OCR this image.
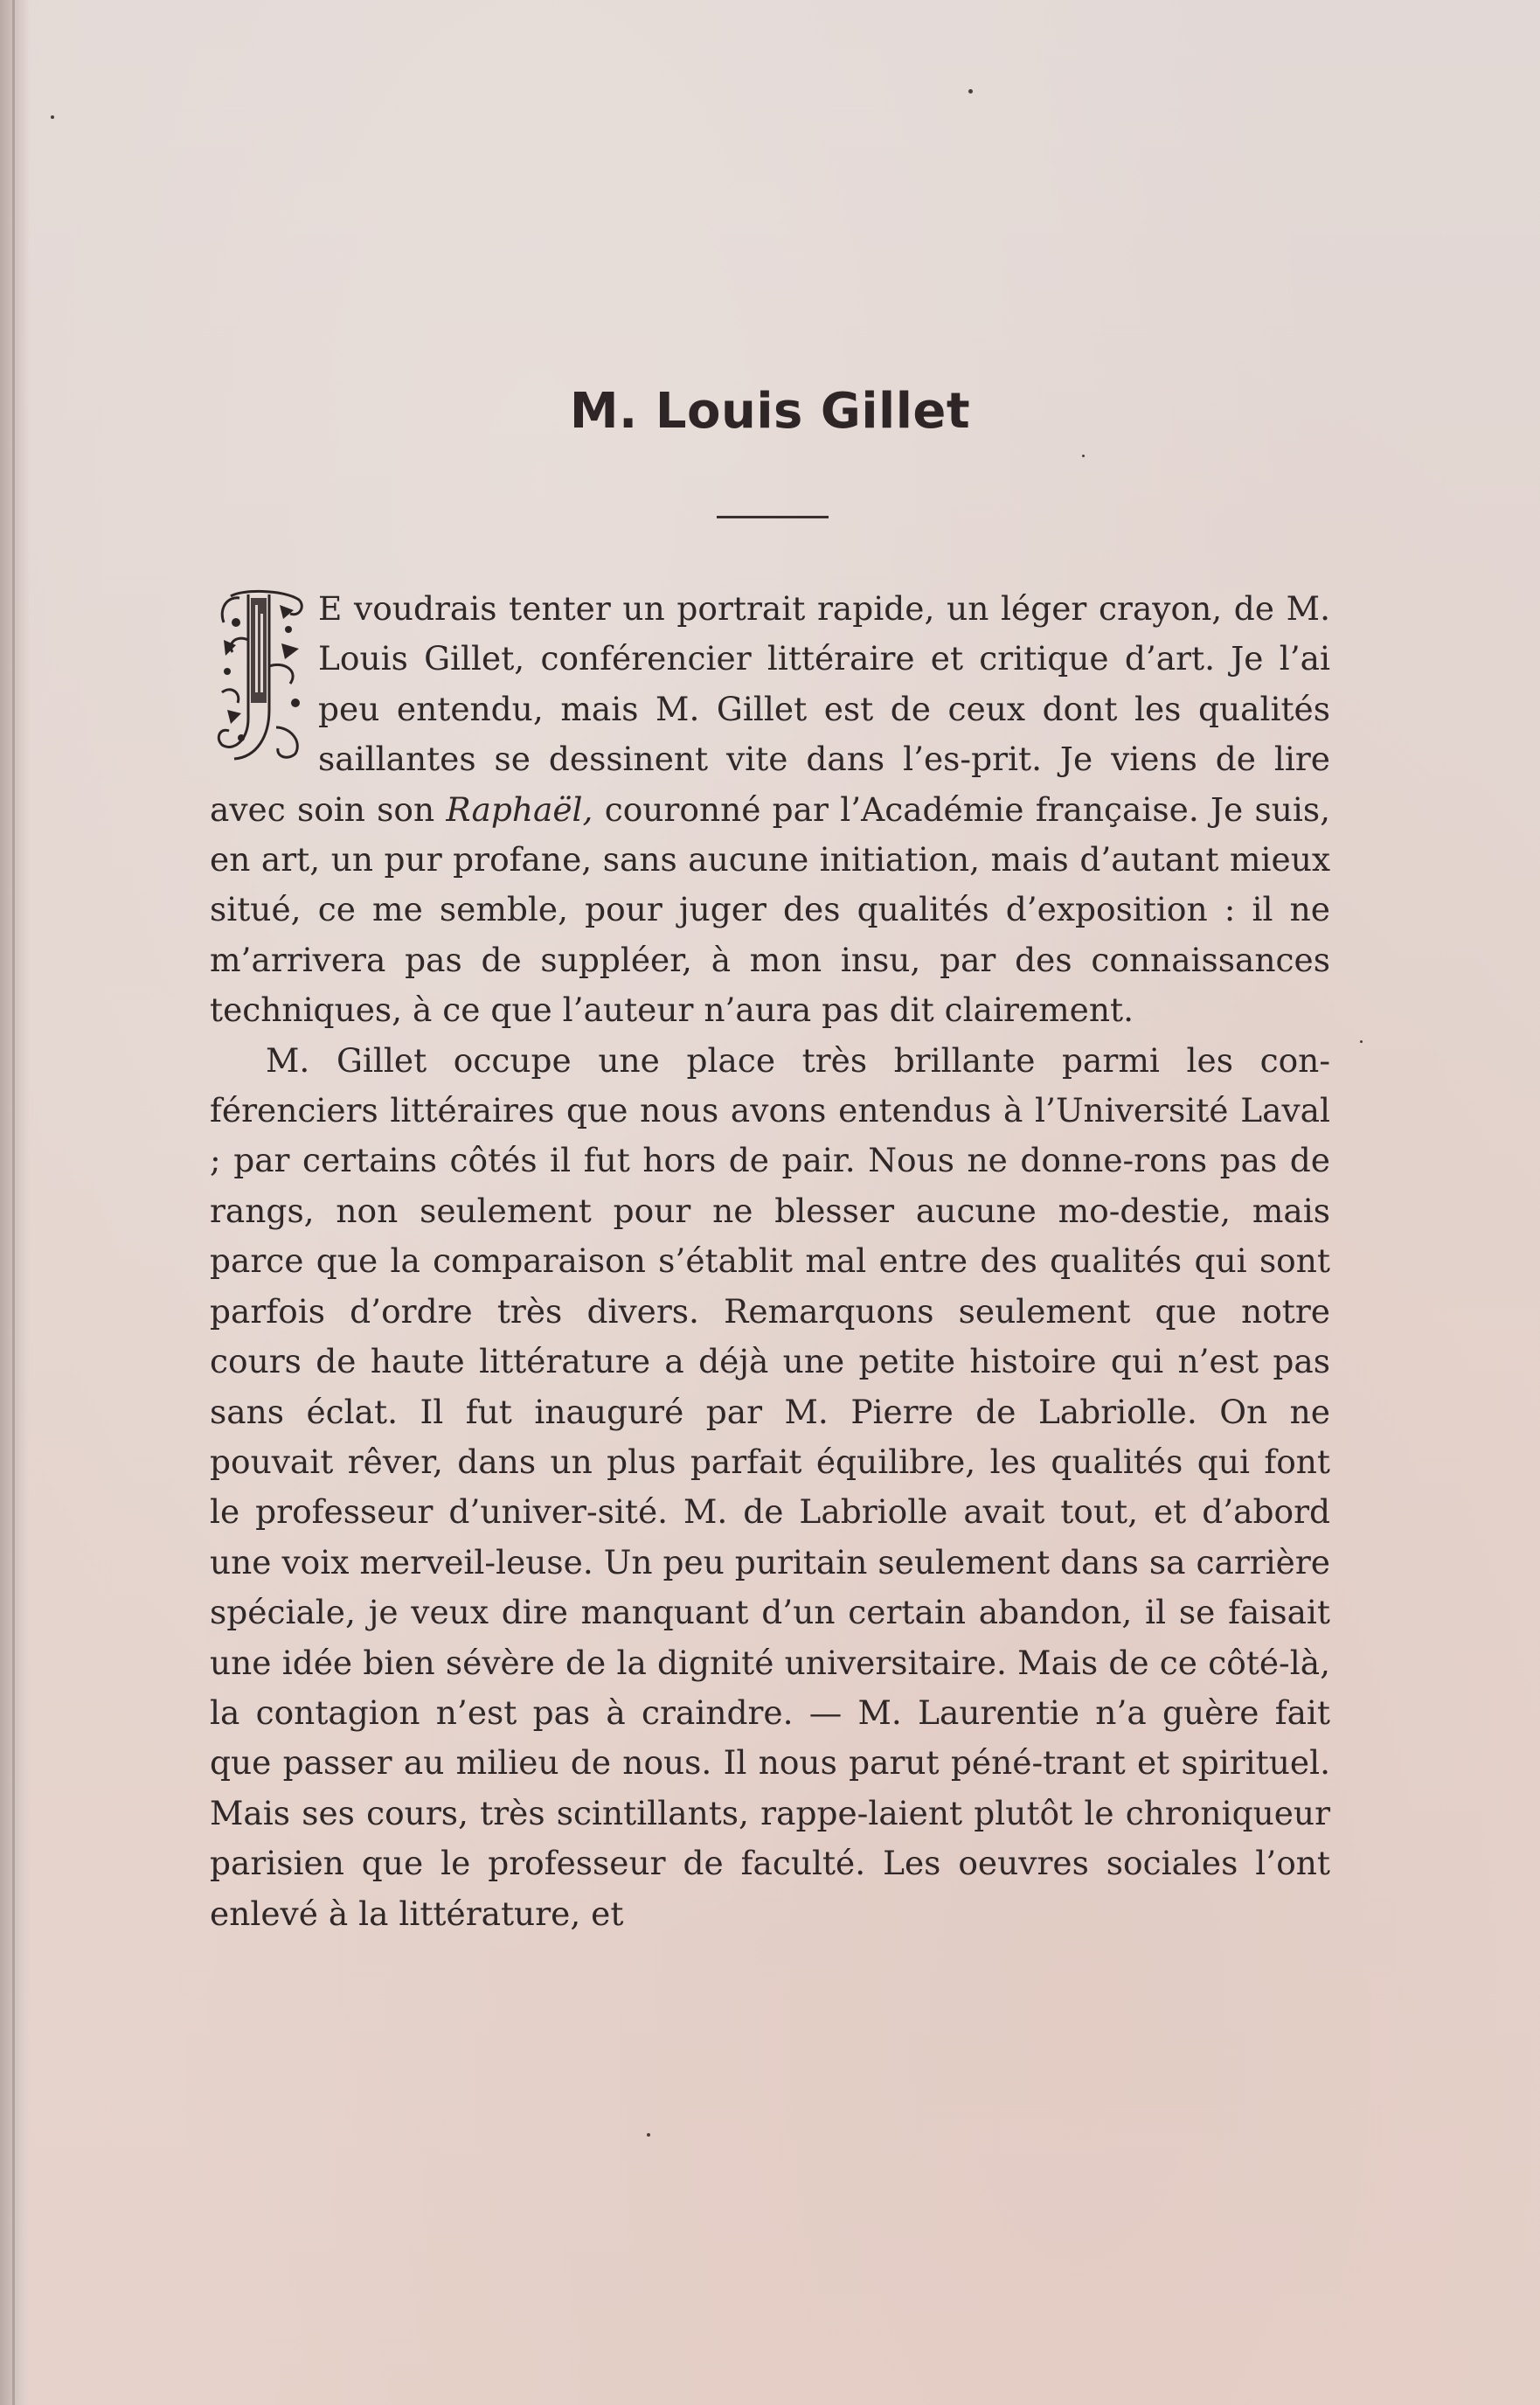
M. Louis Gillet

E voudrais tenter un portrait rapide, un léger crayon, de M. Louis Gillet, conférencier littéraire et critique d’art. Je l’ai peu entendu, mais M. Gillet est de ceux dont les qualités saillantes se dessinent vite dans l’es-prit. Je viens de lire avec soin son Raphaël, couronné par l’Académie française. Je suis, en art, un pur profane, sans aucune initiation, mais d’autant mieux situé, ce me semble, pour juger des qualités d’exposition : il ne m’arrivera pas de suppléer, à mon insu, par des connaissances techniques, à ce que l’auteur n’aura pas dit clairement.

M. Gillet occupe une place très brillante parmi les con-férenciers littéraires que nous avons entendus à l’Université Laval ; par certains côtés il fut hors de pair. Nous ne donne-rons pas de rangs, non seulement pour ne blesser aucune mo-destie, mais parce que la comparaison s’établit mal entre des qualités qui sont parfois d’ordre très divers. Remarquons seulement que notre cours de haute littérature a déjà une petite histoire qui n’est pas sans éclat. Il fut inauguré par M. Pierre de Labriolle. On ne pouvait rêver, dans un plus parfait équilibre, les qualités qui font le professeur d’univer-sité. M. de Labriolle avait tout, et d’abord une voix merveil-leuse. Un peu puritain seulement dans sa carrière spéciale, je veux dire manquant d’un certain abandon, il se faisait une idée bien sévère de la dignité universitaire. Mais de ce côté-là, la contagion n’est pas à craindre. — M. Laurentie n’a guère fait que passer au milieu de nous. Il nous parut péné-trant et spirituel. Mais ses cours, très scintillants, rappe-laient plutôt le chroniqueur parisien que le professeur de faculté. Les oeuvres sociales l’ont enlevé à la littérature, et
